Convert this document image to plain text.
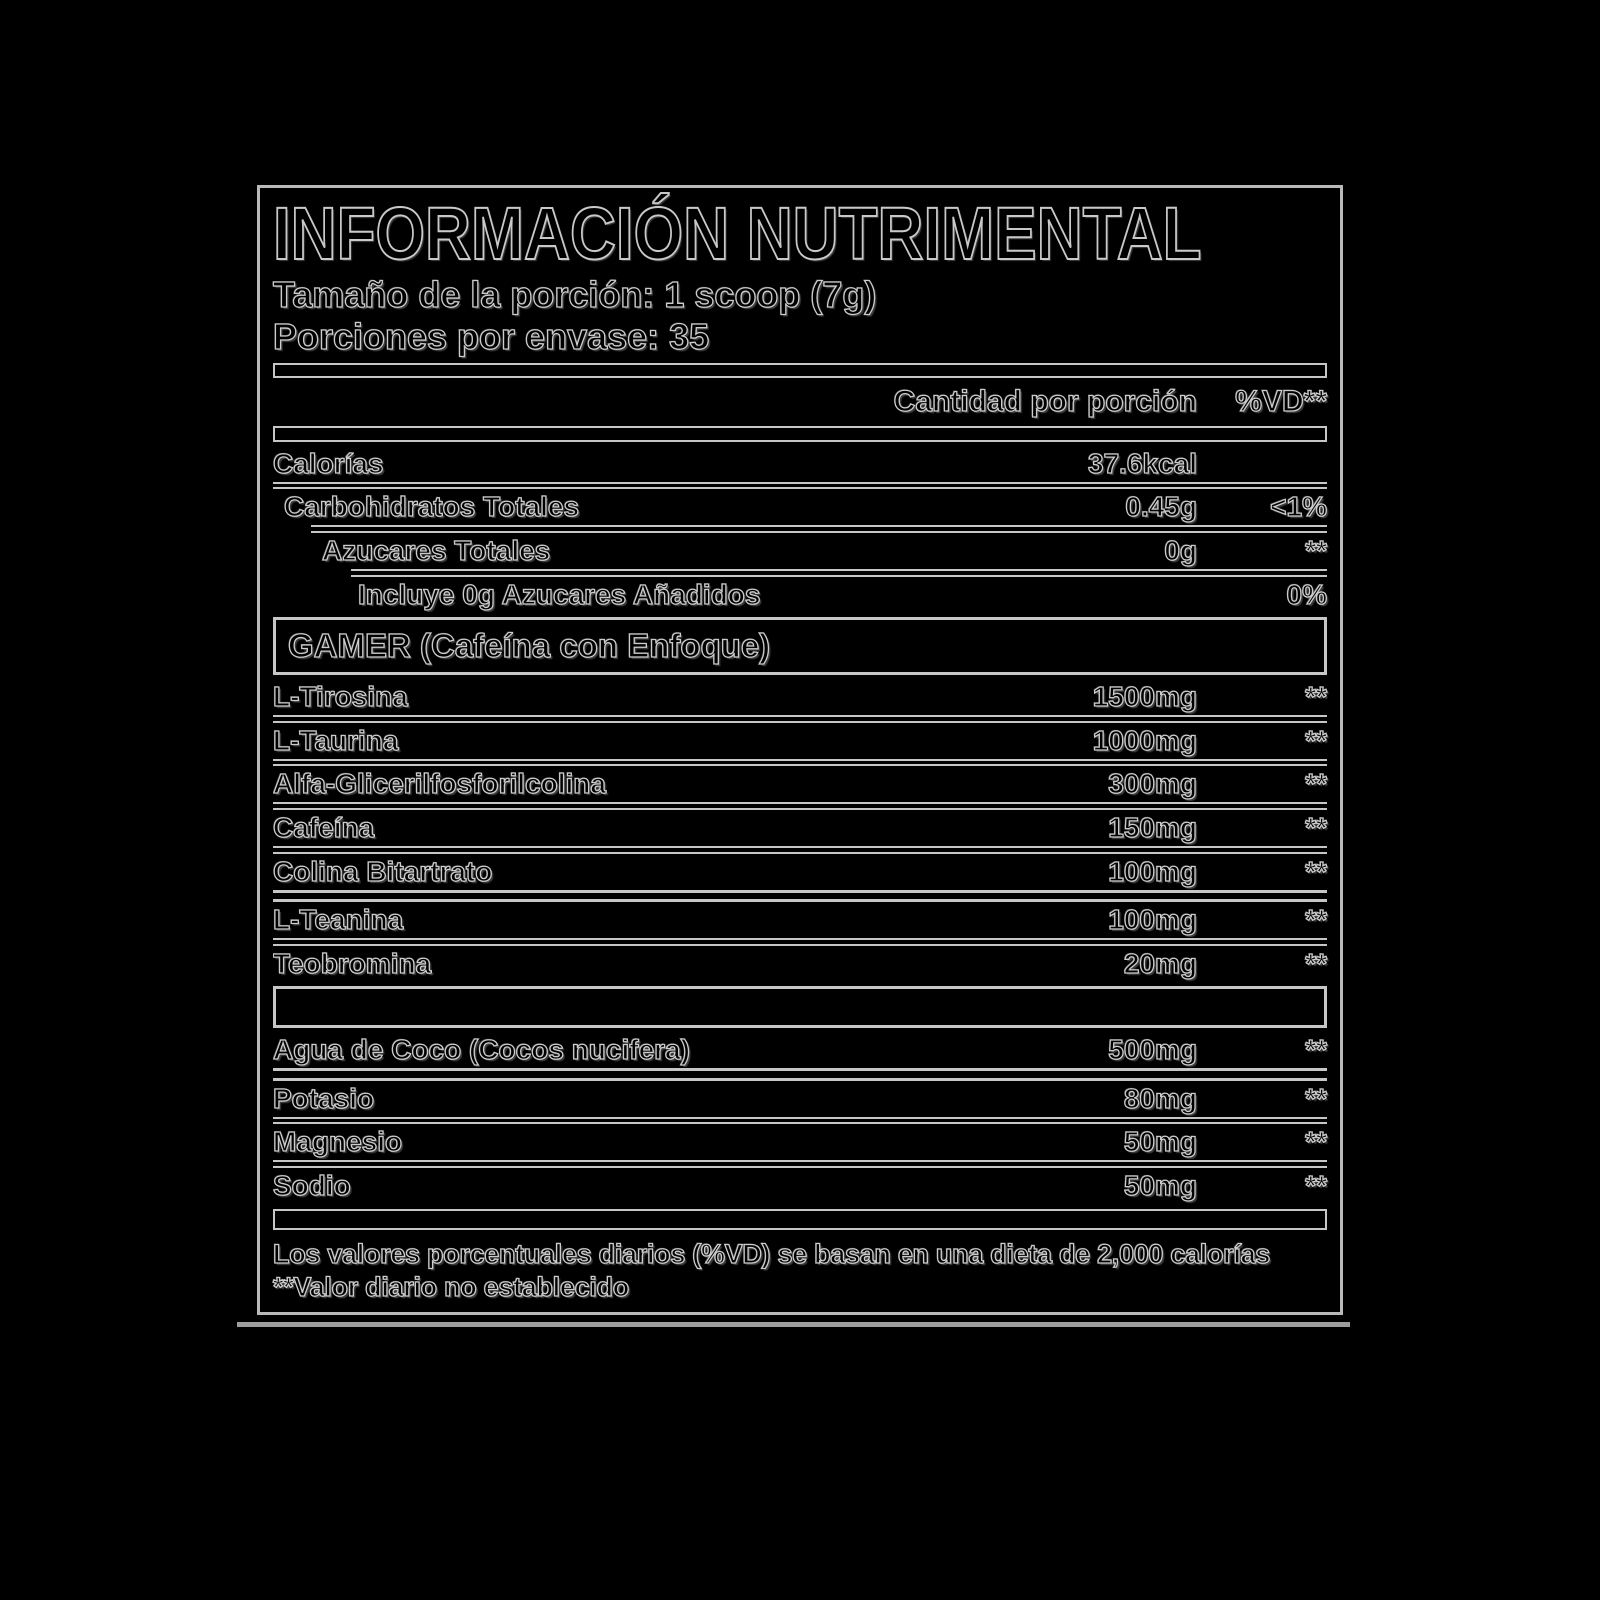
INFORMACIÓN NUTRIMENTAL
Tamaño de la porción: 1 scoop (7g)
Porciones por envase: 35
Cantidad por porción	%VD**
Calorías	37.6kcal
Carbohidratos Totales	0.45g	<1%
Azucares Totales	0g	**
Incluye 0g Azucares Añadidos	0%
GAMER (Cafeína con Enfoque)
L-Tirosina	1500mg	**
L-Taurina	1000mg	**
Alfa-Glicerilfosforilcolina	300mg	**
Cafeína	150mg	**
Colina Bitartrato	100mg	**
L-Teanina	100mg	**
Teobromina	20mg	**
Agua de Coco (Cocos nucifera)	500mg	**
Potasio	80mg	**
Magnesio	50mg	**
Sodio	50mg	**
Los valores porcentuales diarios (%VD) se basan en una dieta de 2,000 calorías
**Valor diario no establecido
